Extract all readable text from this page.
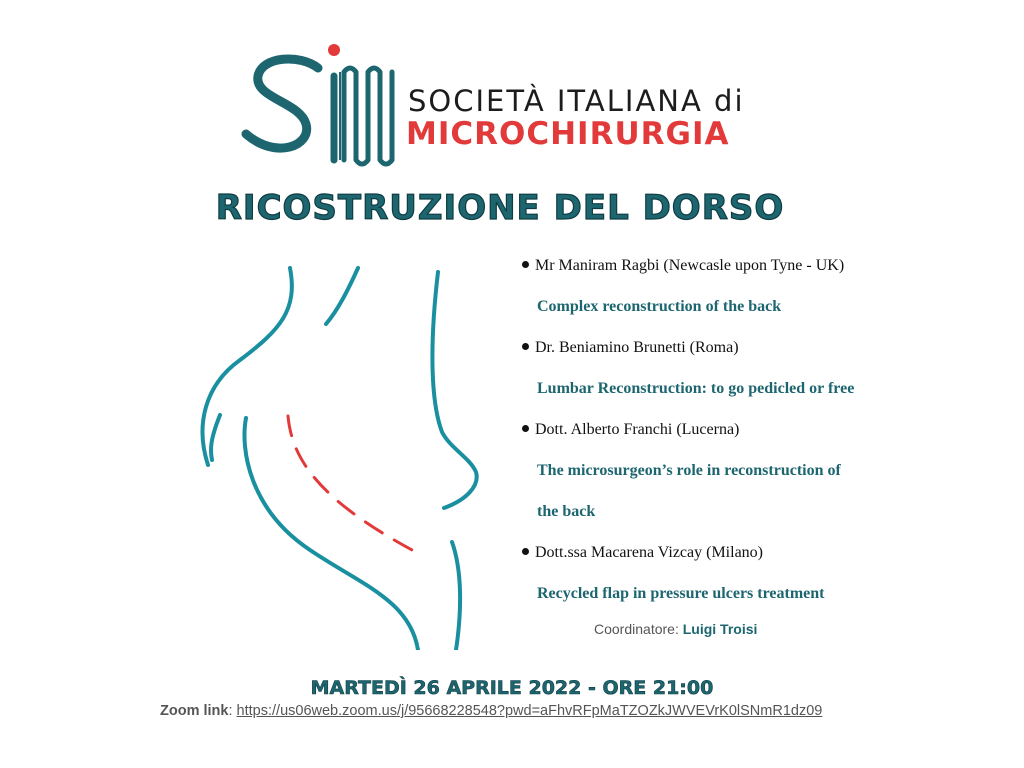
SOCIETÀ ITALIANA di
MICROCHIRURGIA
RICOSTRUZIONE DEL DORSO
Mr Maniram Ragbi (Newcasle upon Tyne - UK)
Complex reconstruction of the back
Dr. Beniamino Brunetti (Roma)
Lumbar Reconstruction: to go pedicled or free
Dott. Alberto Franchi (Lucerna)
The microsurgeon’s role in reconstruction of
the back
Dott.ssa Macarena Vizcay (Milano)
Recycled flap in pressure ulcers treatment
Coordinatore: Luigi Troisi
MARTEDÌ 26 APRILE 2022 - ORE 21:00
Zoom link: https://us06web.zoom.us/j/95668228548?pwd=aFhvRFpMaTZOZkJWVEVrK0lSNmR1dz09
